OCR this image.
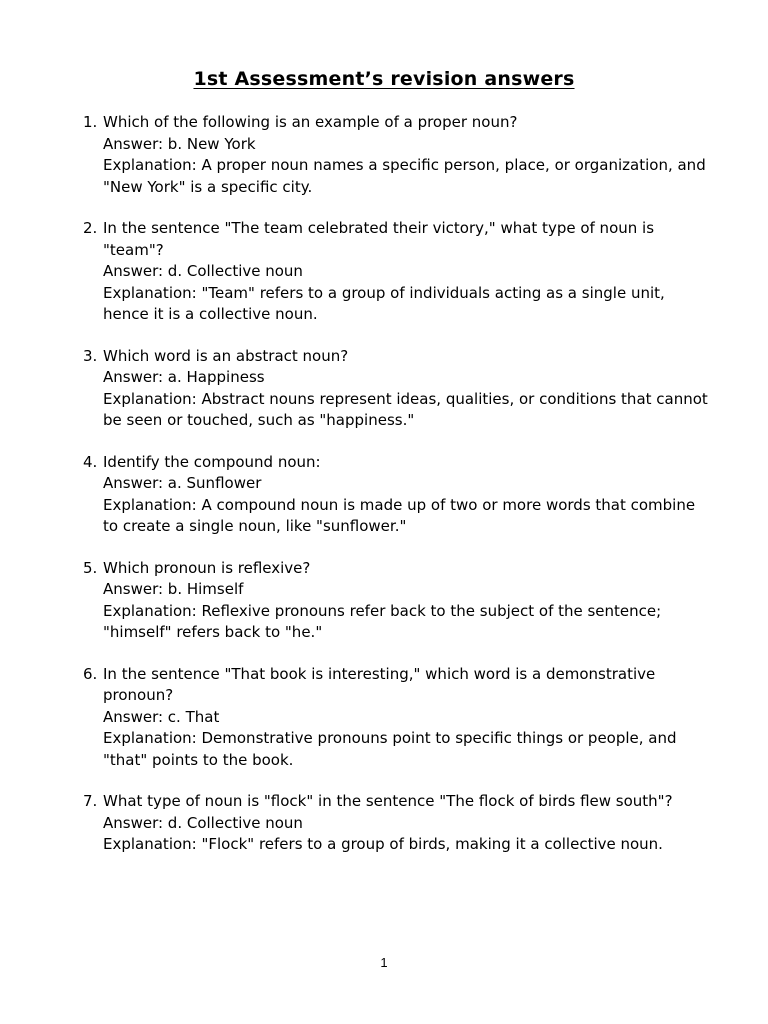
1st Assessment’s revision answers
1. Which of the following is an example of a proper noun?
Answer: b. New York
Explanation: A proper noun names a specific person, place, or organization, and "New York" is a specific city.
2. In the sentence "The team celebrated their victory," what type of noun is "team"?
Answer: d. Collective noun
Explanation: "Team" refers to a group of individuals acting as a single unit, hence it is a collective noun.
3. Which word is an abstract noun?
Answer: a. Happiness
Explanation: Abstract nouns represent ideas, qualities, or conditions that cannot be seen or touched, such as "happiness."
4. Identify the compound noun:
Answer: a. Sunflower
Explanation: A compound noun is made up of two or more words that combine to create a single noun, like "sunflower."
5. Which pronoun is reflexive?
Answer: b. Himself
Explanation: Reflexive pronouns refer back to the subject of the sentence; "himself" refers back to "he."
6. In the sentence "That book is interesting," which word is a demonstrative pronoun?
Answer: c. That
Explanation: Demonstrative pronouns point to specific things or people, and "that" points to the book.
7. What type of noun is "flock" in the sentence "The flock of birds flew south"?
Answer: d. Collective noun
Explanation: "Flock" refers to a group of birds, making it a collective noun.
1
